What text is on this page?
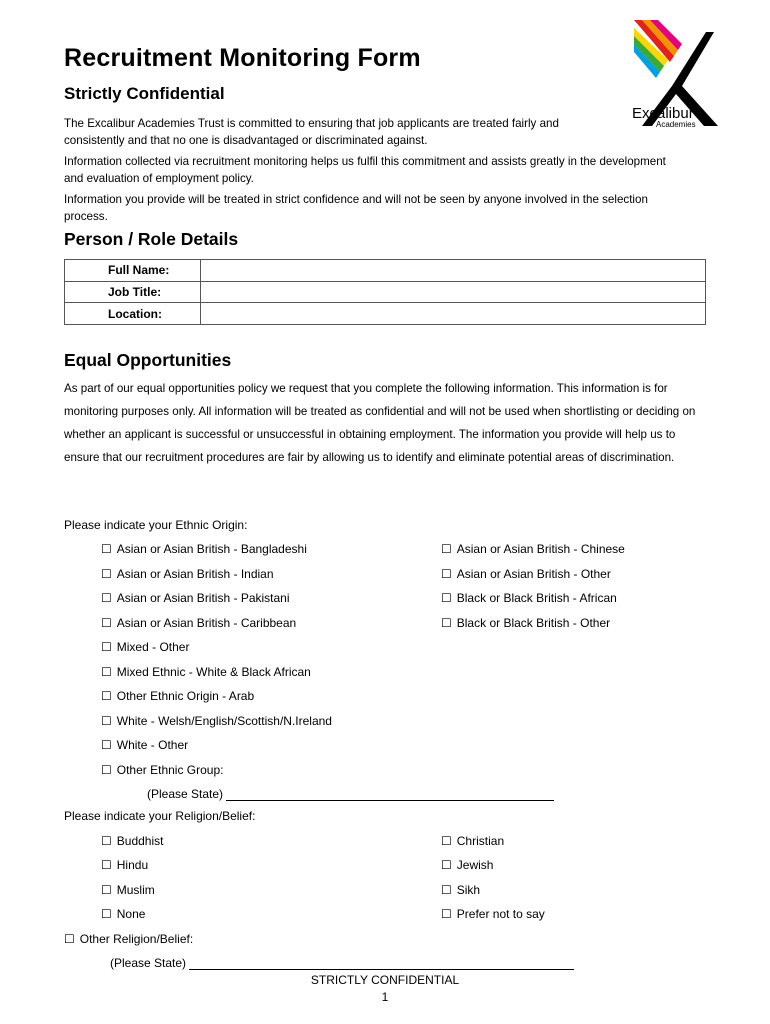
Recruitment Monitoring Form

Strictly Confidential

Excalibur
Academies

The Excalibur Academies Trust is committed to ensuring that job applicants are treated fairly and consistently and that no one is disadvantaged or discriminated against.

Information collected via recruitment monitoring helps us fulfil this commitment and assists greatly in the development and evaluation of employment policy.

Information you provide will be treated in strict confidence and will not be seen by anyone involved in the selection process.

Person / Role Details

Full Name:	
Job Title:	
Location:	

Equal Opportunities

As part of our equal opportunities policy we request that you complete the following information. This information is for monitoring purposes only. All information will be treated as confidential and will not be used when shortlisting or deciding on whether an applicant is successful or unsuccessful in obtaining employment. The information you provide will help us to ensure that our recruitment procedures are fair by allowing us to identify and eliminate potential areas of discrimination.

Please indicate your Ethnic Origin:

☐ Asian or Asian British - Bangladeshi
☐ Asian or Asian British - Indian
☐ Asian or Asian British - Pakistani
☐ Asian or Asian British - Caribbean
☐ Mixed - Other
☐ Mixed Ethnic - White & Black African
☐ Other Ethnic Origin - Arab
☐ White - Welsh/English/Scottish/N.Ireland
☐ White - Other
☐ Other Ethnic Group:
☐ Asian or Asian British - Chinese
☐ Asian or Asian British - Other
☐ Black or Black British - African
☐ Black or Black British - Other
(Please State)

Please indicate your Religion/Belief:

☐ Buddhist
☐ Hindu
☐ Muslim
☐ None
☐ Christian
☐ Jewish
☐ Sikh
☐ Prefer not to say
☐ Other Religion/Belief:
(Please State)
STRICTLY CONFIDENTIAL
1
